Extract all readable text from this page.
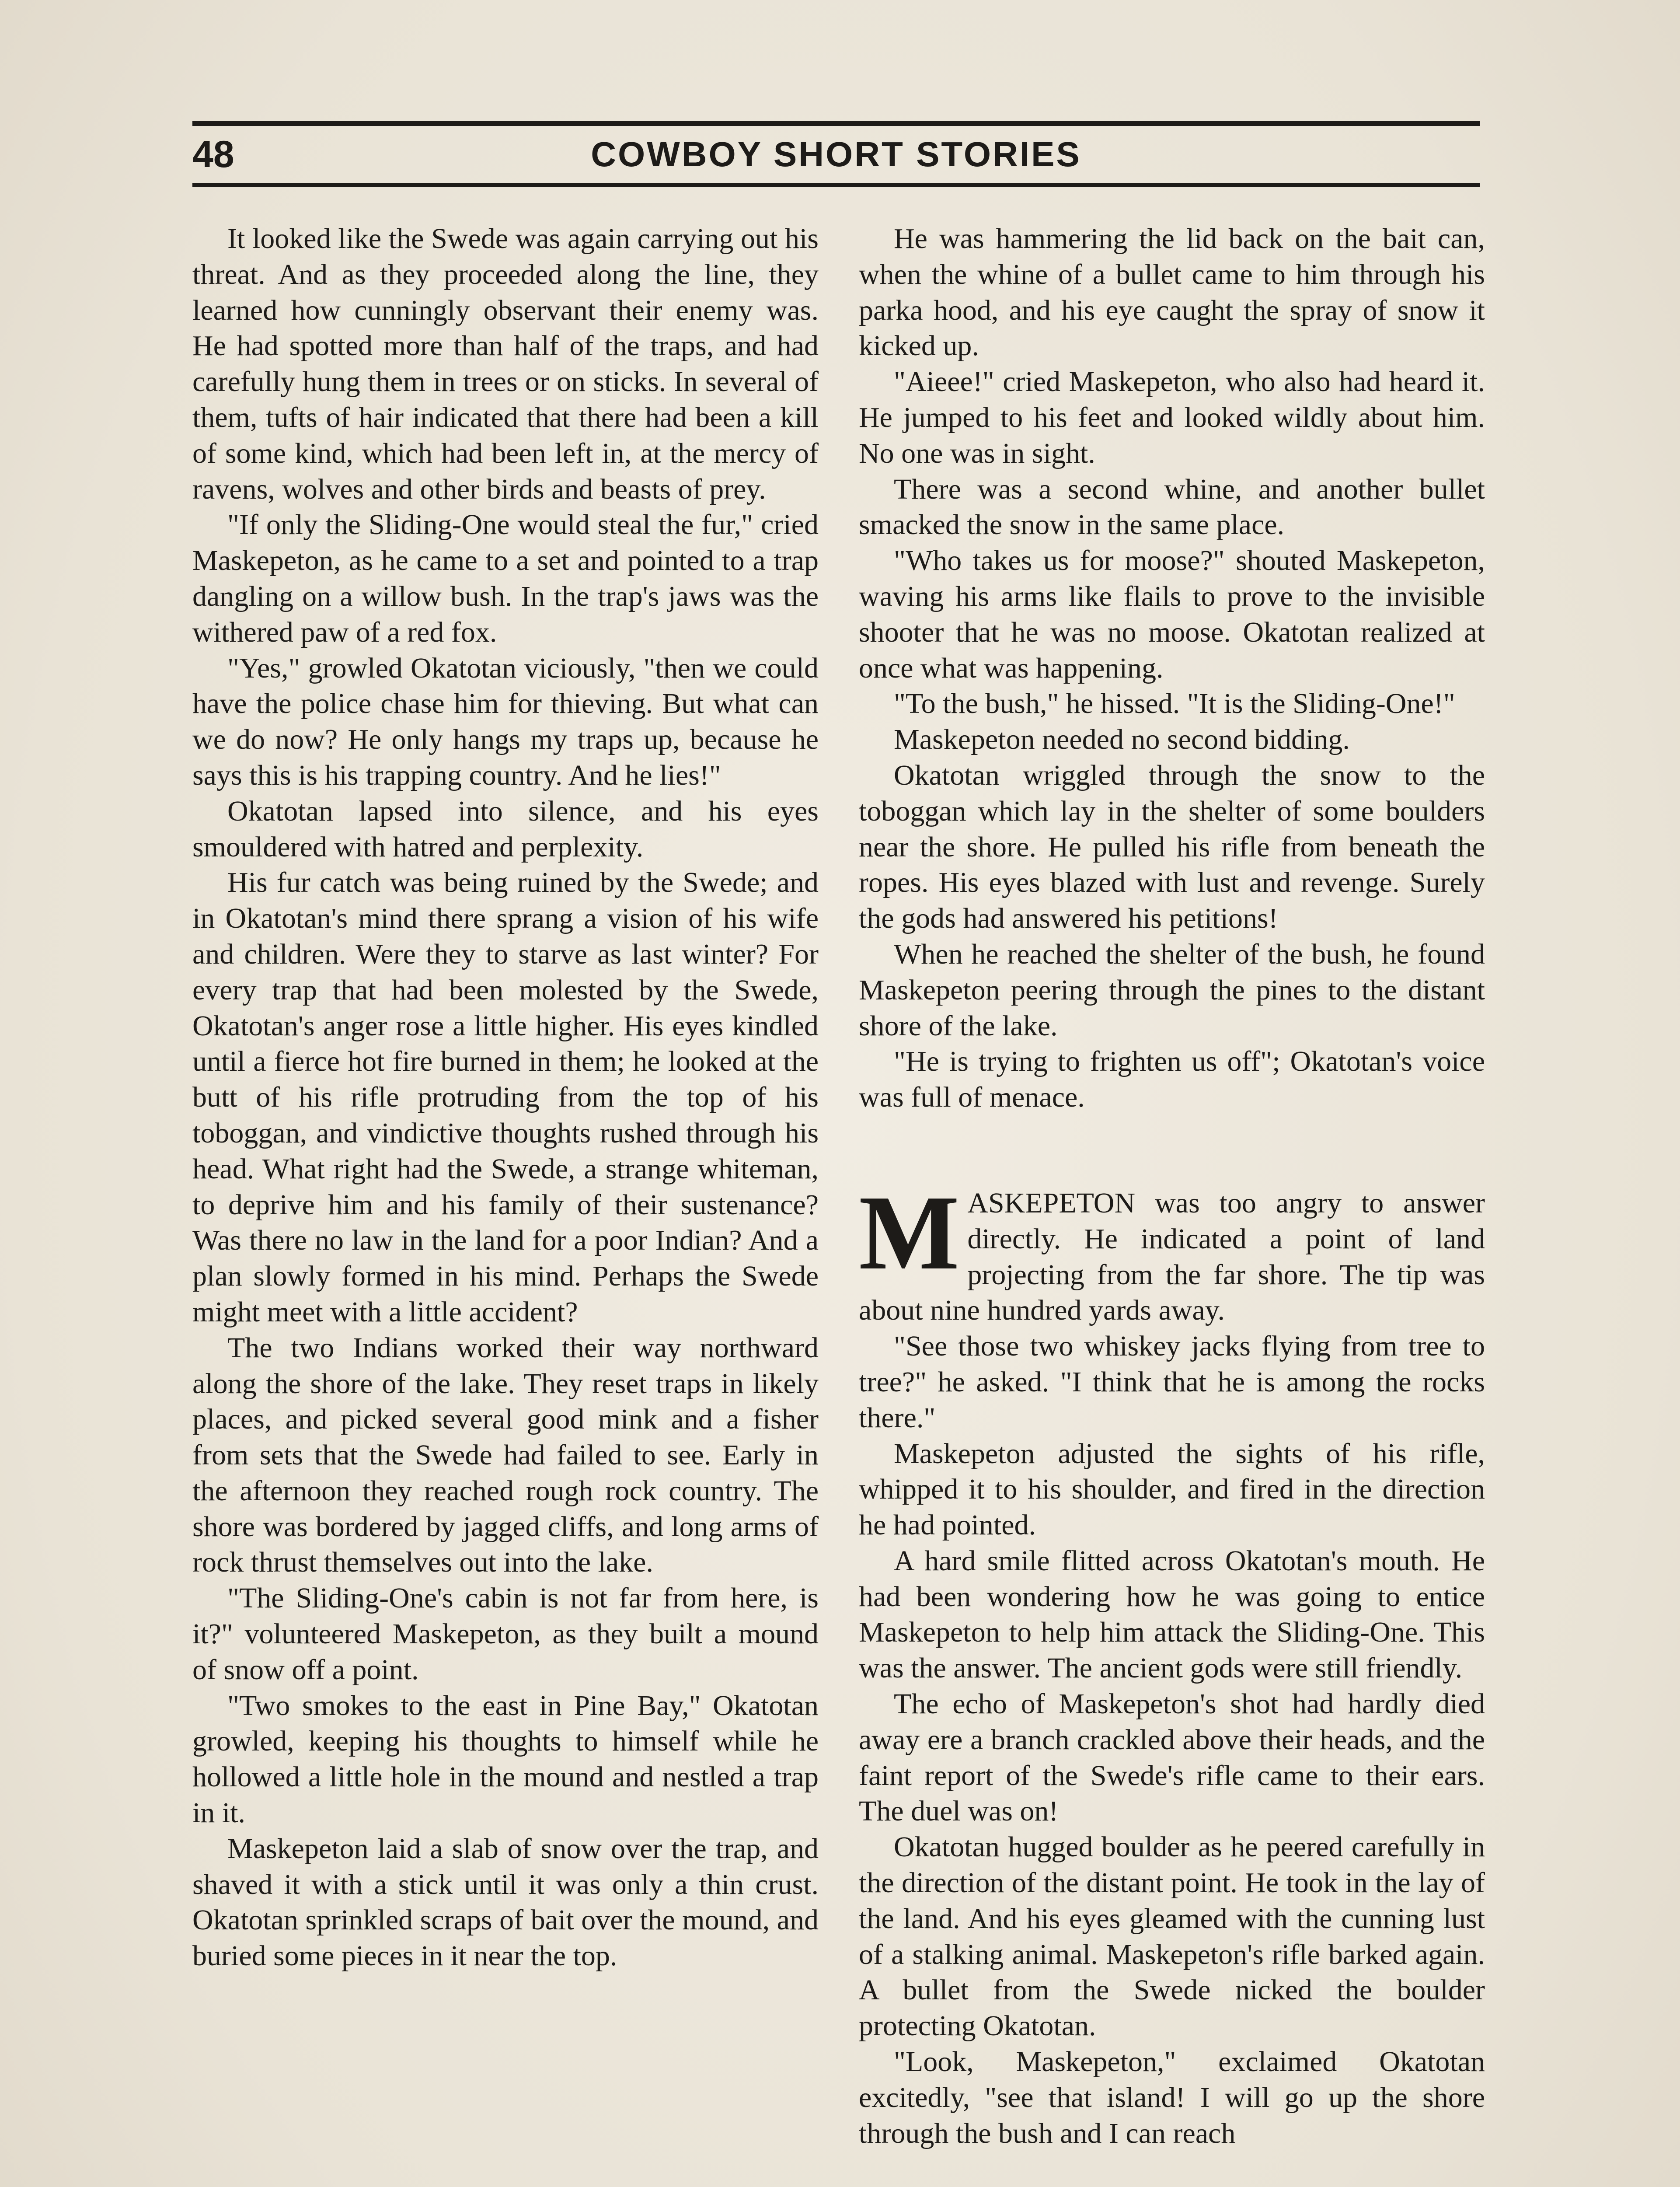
48	COWBOY SHORT STORIES

It looked like the Swede was again carrying out his threat. And as they proceeded along the line, they learned how cunningly observant their enemy was. He had spotted more than half of the traps, and had carefully hung them in trees or on sticks. In several of them, tufts of hair indicated that there had been a kill of some kind, which had been left in, at the mercy of ravens, wolves and other birds and beasts of prey.

"If only the Sliding-One would steal the fur," cried Maskepeton, as he came to a set and pointed to a trap dangling on a willow bush. In the trap's jaws was the withered paw of a red fox.

"Yes," growled Okatotan viciously, "then we could have the police chase him for thieving. But what can we do now? He only hangs my traps up, because he says this is his trapping country. And he lies!"

Okatotan lapsed into silence, and his eyes smouldered with hatred and perplexity.

His fur catch was being ruined by the Swede; and in Okatotan's mind there sprang a vision of his wife and children. Were they to starve as last winter? For every trap that had been molested by the Swede, Okatotan's anger rose a little higher. His eyes kindled until a fierce hot fire burned in them; he looked at the butt of his rifle protruding from the top of his toboggan, and vindictive thoughts rushed through his head. What right had the Swede, a strange whiteman, to deprive him and his family of their sustenance? Was there no law in the land for a poor Indian? And a plan slowly formed in his mind. Perhaps the Swede might meet with a little accident?

The two Indians worked their way northward along the shore of the lake. They reset traps in likely places, and picked several good mink and a fisher from sets that the Swede had failed to see. Early in the afternoon they reached rough rock country. The shore was bordered by jagged cliffs, and long arms of rock thrust themselves out into the lake.

"The Sliding-One's cabin is not far from here, is it?" volunteered Maskepeton, as they built a mound of snow off a point.

"Two smokes to the east in Pine Bay," Okatotan growled, keeping his thoughts to himself while he hollowed a little hole in the mound and nestled a trap in it.

Maskepeton laid a slab of snow over the trap, and shaved it with a stick until it was only a thin crust. Okatotan sprinkled scraps of bait over the mound, and buried some pieces in it near the top.

He was hammering the lid back on the bait can, when the whine of a bullet came to him through his parka hood, and his eye caught the spray of snow it kicked up.

"Aieee!" cried Maskepeton, who also had heard it. He jumped to his feet and looked wildly about him. No one was in sight.

There was a second whine, and another bullet smacked the snow in the same place.

"Who takes us for moose?" shouted Maskepeton, waving his arms like flails to prove to the invisible shooter that he was no moose. Okatotan realized at once what was happening.

"To the bush," he hissed. "It is the Sliding-One!"

Maskepeton needed no second bidding.

Okatotan wriggled through the snow to the toboggan which lay in the shelter of some boulders near the shore. He pulled his rifle from beneath the ropes. His eyes blazed with lust and revenge. Surely the gods had answered his petitions!

When he reached the shelter of the bush, he found Maskepeton peering through the pines to the distant shore of the lake.

"He is trying to frighten us off"; Okatotan's voice was full of menace.

MASKEPETON was too angry to answer directly. He indicated a point of land projecting from the far shore. The tip was about nine hundred yards away.

"See those two whiskey jacks flying from tree to tree?" he asked. "I think that he is among the rocks there."

Maskepeton adjusted the sights of his rifle, whipped it to his shoulder, and fired in the direction he had pointed.

A hard smile flitted across Okatotan's mouth. He had been wondering how he was going to entice Maskepeton to help him attack the Sliding-One. This was the answer. The ancient gods were still friendly.

The echo of Maskepeton's shot had hardly died away ere a branch crackled above their heads, and the faint report of the Swede's rifle came to their ears. The duel was on!

Okatotan hugged boulder as he peered carefully in the direction of the distant point. He took in the lay of the land. And his eyes gleamed with the cunning lust of a stalking animal. Maskepeton's rifle barked again. A bullet from the Swede nicked the boulder protecting Okatotan.

"Look, Maskepeton," exclaimed Okatotan excitedly, "see that island! I will go up the shore through the bush and I can reach
